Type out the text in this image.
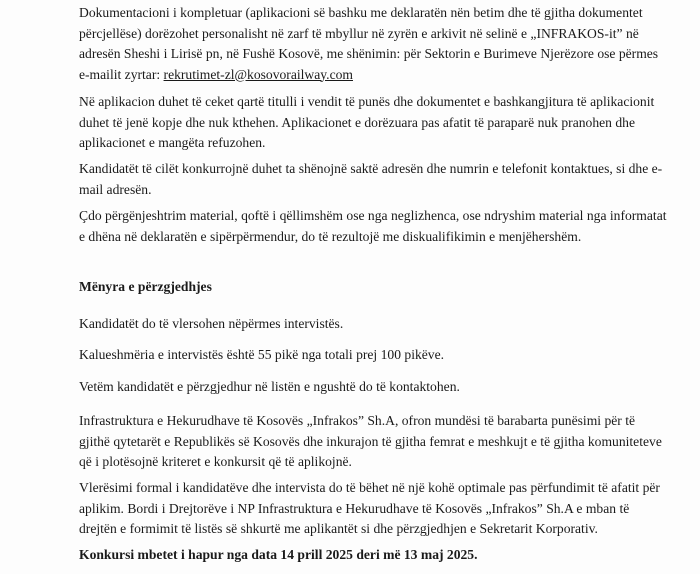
Dokumentacioni i kompletuar (aplikacioni së bashku me deklaratën nën betim dhe të gjitha dokumentet
përcjellëse) dorëzohet personalisht në zarf të mbyllur në zyrën e arkivit në selinë e „INFRAKOS-it” në
adresën Sheshi i Lirisë pn, në Fushë Kosovë, me shënimin: për Sektorin e Burimeve Njerëzore ose përmes
e-mailit zyrtar: rekrutimet-zl@kosovorailway.com
Në aplikacion duhet të ceket qartë titulli i vendit të punës dhe dokumentet e bashkangjitura të aplikacionit
duhet të jenë kopje dhe nuk kthehen. Aplikacionet e dorëzuara pas afatit të paraparë nuk pranohen dhe
aplikacionet e mangëta refuzohen.
Kandidatët të cilët konkurrojnë duhet ta shënojnë saktë adresën dhe numrin e telefonit kontaktues, si dhe e-
mail adresën.
Çdo përgënjeshtrim material, qoftë i qëllimshëm ose nga neglizhenca, ose ndryshim material nga informatat
e dhëna në deklaratën e sipërpërmendur, do të rezultojë me diskualifikimin e menjëhershëm.
Mënyra e përzgjedhjes
Kandidatët do të vlersohen nëpërmes intervistës.
Kalueshmëria e intervistës është 55 pikë nga totali prej 100 pikëve.
Vetëm kandidatët e përzgjedhur në listën e ngushtë do të kontaktohen.
Infrastruktura e Hekurudhave të Kosovës „Infrakos” Sh.A, ofron mundësi të barabarta punësimi për të
gjithë qytetarët e Republikës së Kosovës dhe inkurajon të gjitha femrat e meshkujt e të gjitha komuniteteve
që i plotësojnë kriteret e konkursit që të aplikojnë.
Vlerësimi formal i kandidatëve dhe intervista do të bëhet në një kohë optimale pas përfundimit të afatit për
aplikim. Bordi i Drejtorëve i NP Infrastruktura e Hekurudhave të Kosovës „Infrakos” Sh.A e mban të
drejtën e formimit të listës së shkurtë me aplikantët si dhe përzgjedhjen e Sekretarit Korporativ.
Konkursi mbetet i hapur nga data 14 prill 2025 deri më 13 maj 2025.
